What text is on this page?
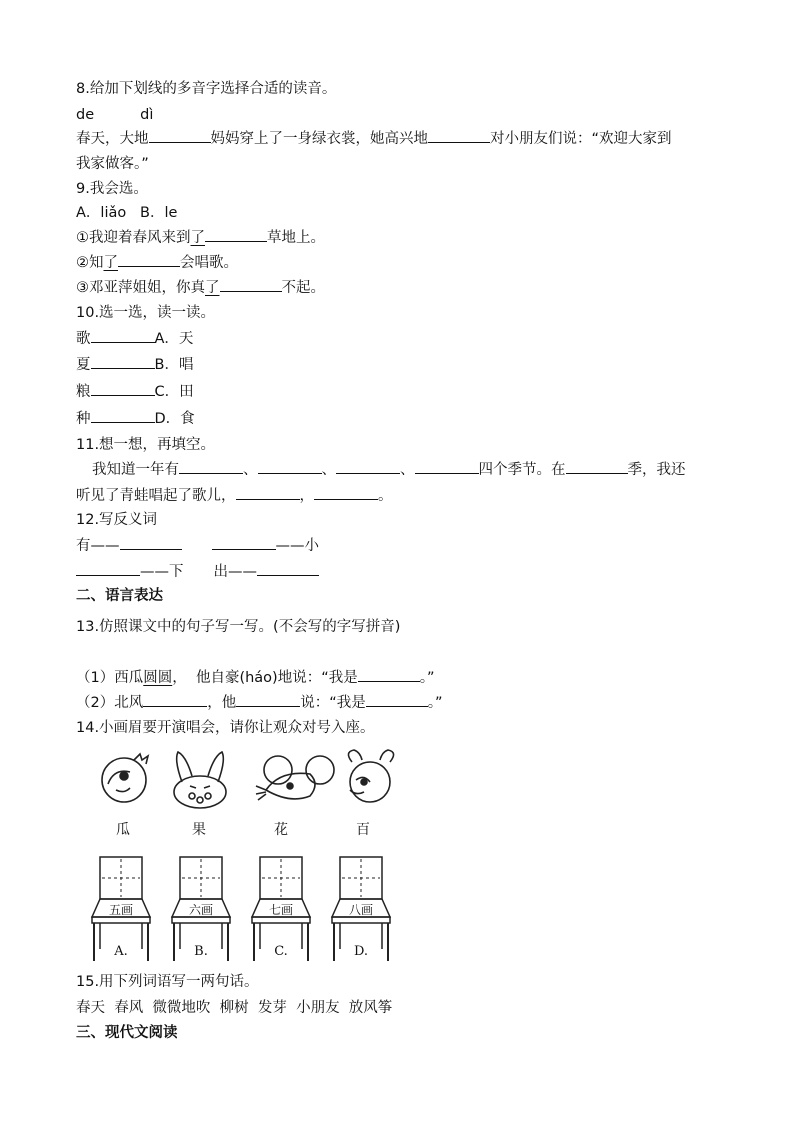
8.给加下划线的多音字选择合适的读音。
de	dì
春天，大地	妈妈穿上了一身绿衣裳，她高兴地	对小朋友们说：“欢迎大家到
我家做客。”
9.我会选。
A．liǎo   B．le
①我迎着春风来到了	草地上。
②知了	会唱歌。
③邓亚萍姐姐，你真了	不起。
10.选一选，读一读。
歌	A．天
夏	B．唱
粮	C．田
种	D．食
11.想一想，再填空。
我知道一年有	、	、	、	四个季节。在	季，我还
听见了青蛙唱起了歌儿，	，	。
12.写反义词
有——	——小
——下 出——
二、语言表达
13.仿照课文中的句子写一写。(不会写的字写拼音)
（1）西瓜圆圆，  他自豪(háo)地说：“我是	。”
（2）北风	，他	说：“我是	。”
14.小画眉要开演唱会，请你让观众对号入座。
瓜	果	花	百
五画
A.
六画
B.
七画
C.
八画
D.
15.用下列词语写一两句话。
春天  春风  微微地吹  柳树  发芽  小朋友  放风筝
三、现代文阅读
